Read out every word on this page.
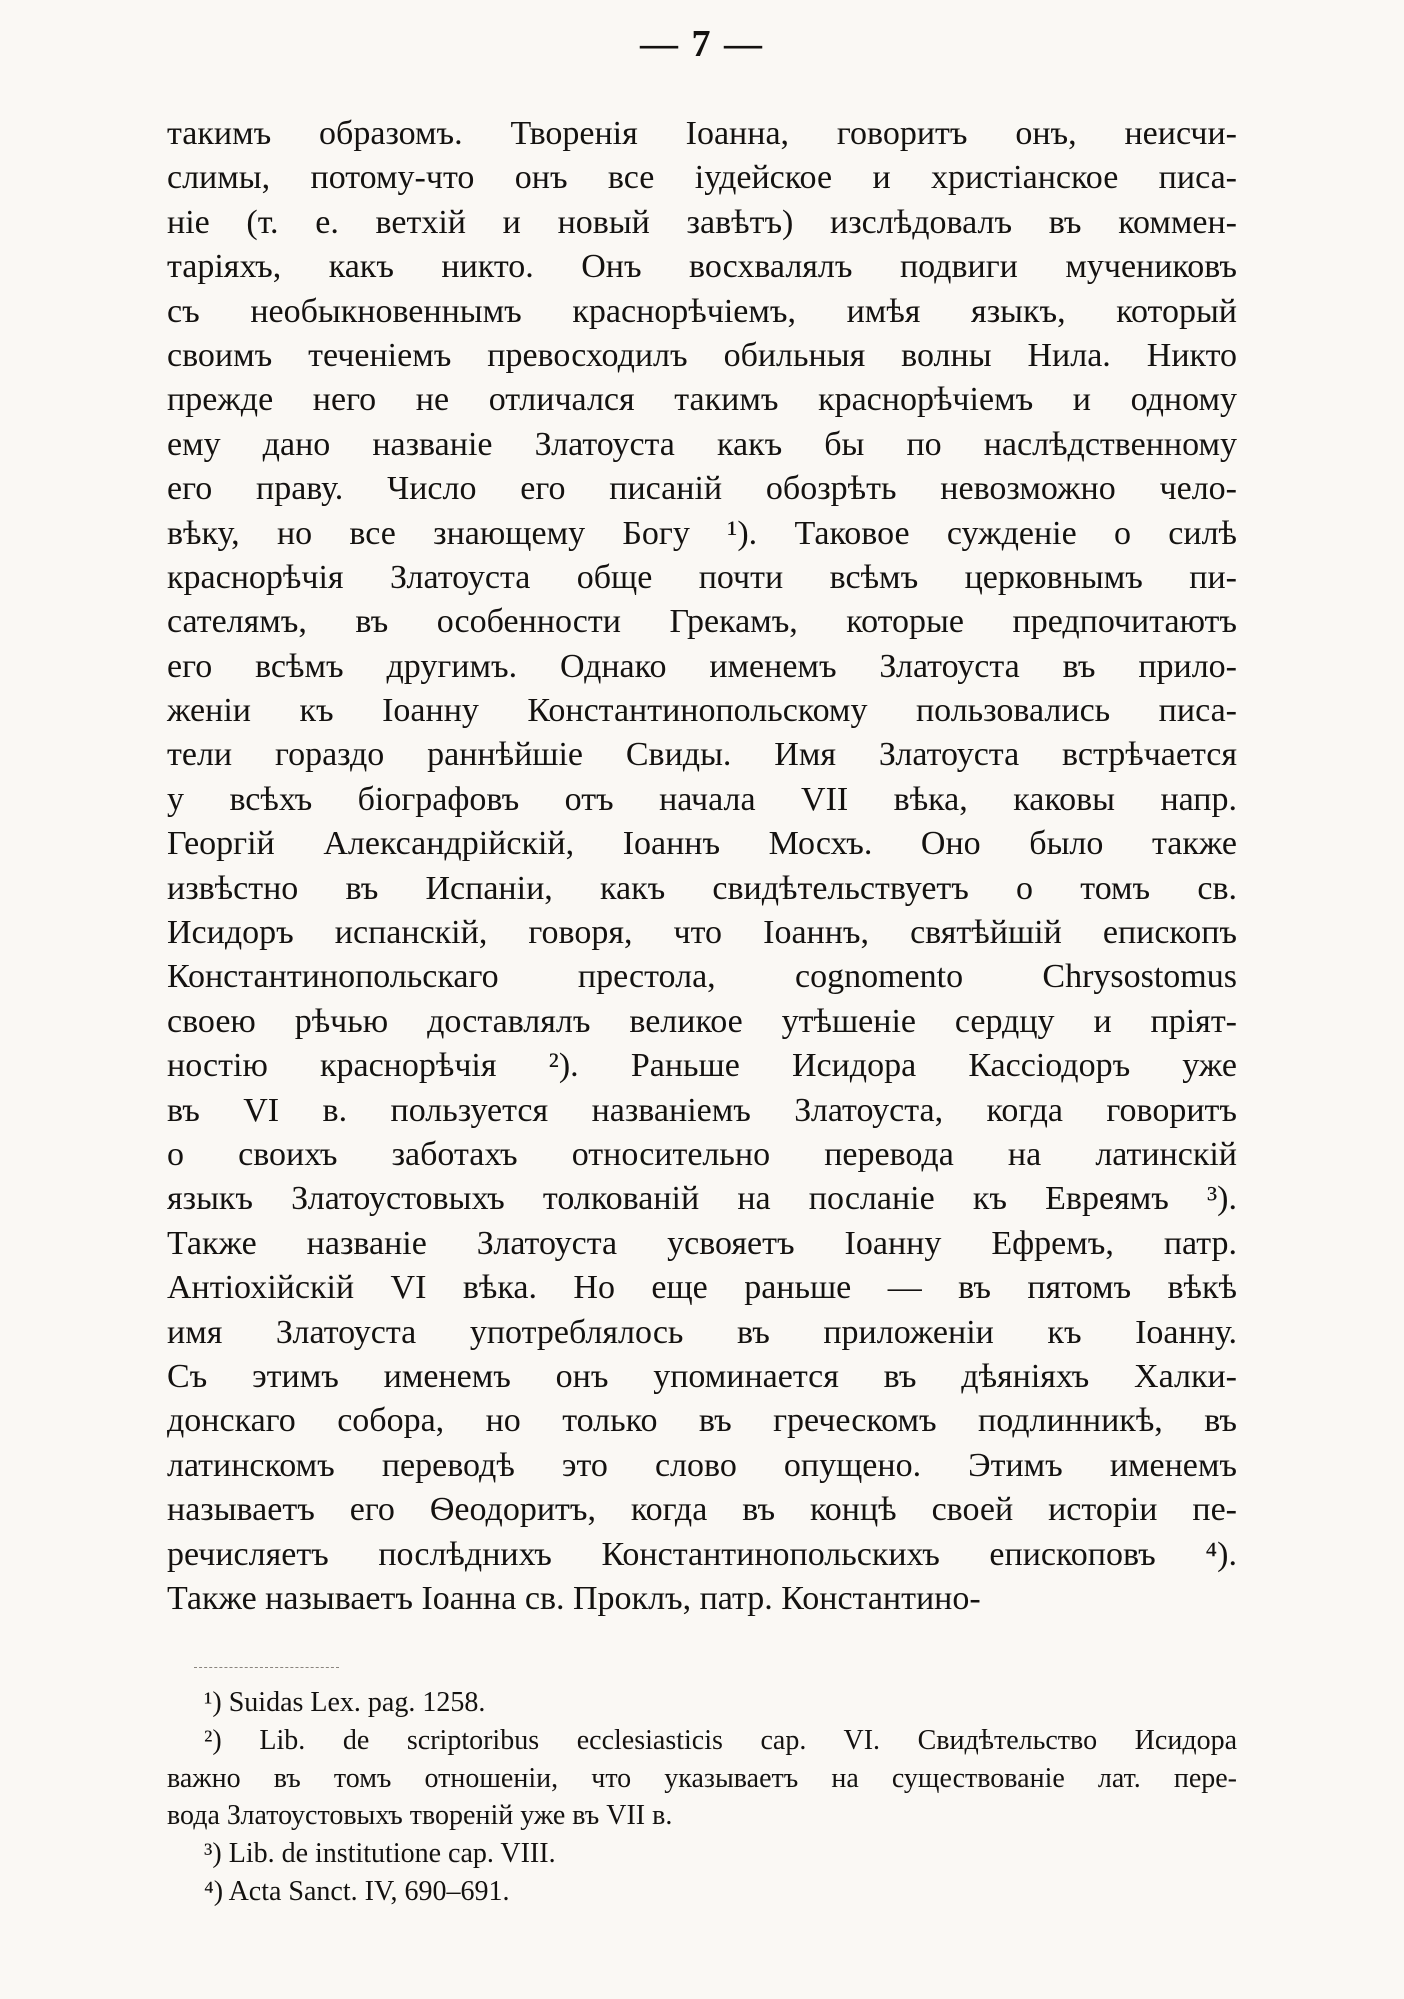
— 7 —
такимъ образомъ. Творенія Іоанна, говоритъ онъ, неисчи-
слимы, потому-что онъ все іудейское и христіанское писа-
ніе (т. е. ветхій и новый завѣтъ) изслѣдовалъ въ коммен-
таріяхъ, какъ никто. Онъ восхвалялъ подвиги мучениковъ
съ необыкновеннымъ краснорѣчіемъ, имѣя языкъ, который
своимъ теченіемъ превосходилъ обильныя волны Нила. Никто
прежде него не отличался такимъ краснорѣчіемъ и одному
ему дано названіе Златоуста какъ бы по наслѣдственному
его праву. Число его писаній обозрѣть невозможно чело-
вѣку, но все знающему Богу ¹). Таковое сужденіе о силѣ
краснорѣчія Златоуста обще почти всѣмъ церковнымъ пи-
сателямъ, въ особенности Грекамъ, которые предпочитаютъ
его всѣмъ другимъ. Однако именемъ Златоуста въ прило-
женіи къ Іоанну Константинопольскому пользовались писа-
тели гораздо раннѣйшіе Свиды. Имя Златоуста встрѣчается
у всѣхъ біографовъ отъ начала VII вѣка, каковы напр.
Георгій Александрійскій, Іоаннъ Мосхъ. Оно было также
извѣстно въ Испаніи, какъ свидѣтельствуетъ о томъ св.
Исидоръ испанскій, говоря, что Іоаннъ, святѣйшій епископъ
Константинопольскаго престола, cognomento Chrysostomus
своею рѣчью доставлялъ великое утѣшеніе сердцу и пріят-
ностію краснорѣчія ²). Раньше Исидора Кассіодоръ уже
въ VI в. пользуется названіемъ Златоуста, когда говоритъ
о своихъ заботахъ относительно перевода на латинскій
языкъ Златоустовыхъ толкованій на посланіе къ Евреямъ ³).
Также названіе Златоуста усвояетъ Іоанну Ефремъ, патр.
Антіохійскій VI вѣка. Но еще раньше — въ пятомъ вѣкѣ
имя Златоуста употреблялось въ приложеніи къ Іоанну.
Съ этимъ именемъ онъ упоминается въ дѣяніяхъ Халки-
донскаго собора, но только въ греческомъ подлинникѣ, въ
латинскомъ переводѣ это слово опущено. Этимъ именемъ
называетъ его Ѳеодоритъ, когда въ концѣ своей исторіи пе-
речисляетъ послѣднихъ Константинопольскихъ епископовъ ⁴).
Также называетъ Іоанна св. Проклъ, патр. Константино-
¹) Suidas Lex. pag. 1258.
²) Lib. de scriptoribus ecclesiasticis cap. VI. Свидѣтельство Исидора
важно въ томъ отношеніи, что указываетъ на существованіе лат. пере-
вода Златоустовыхъ твореній уже въ VII в.
³) Lib. de institutione cap. VIII.
⁴) Acta Sanct. IV, 690–691.
